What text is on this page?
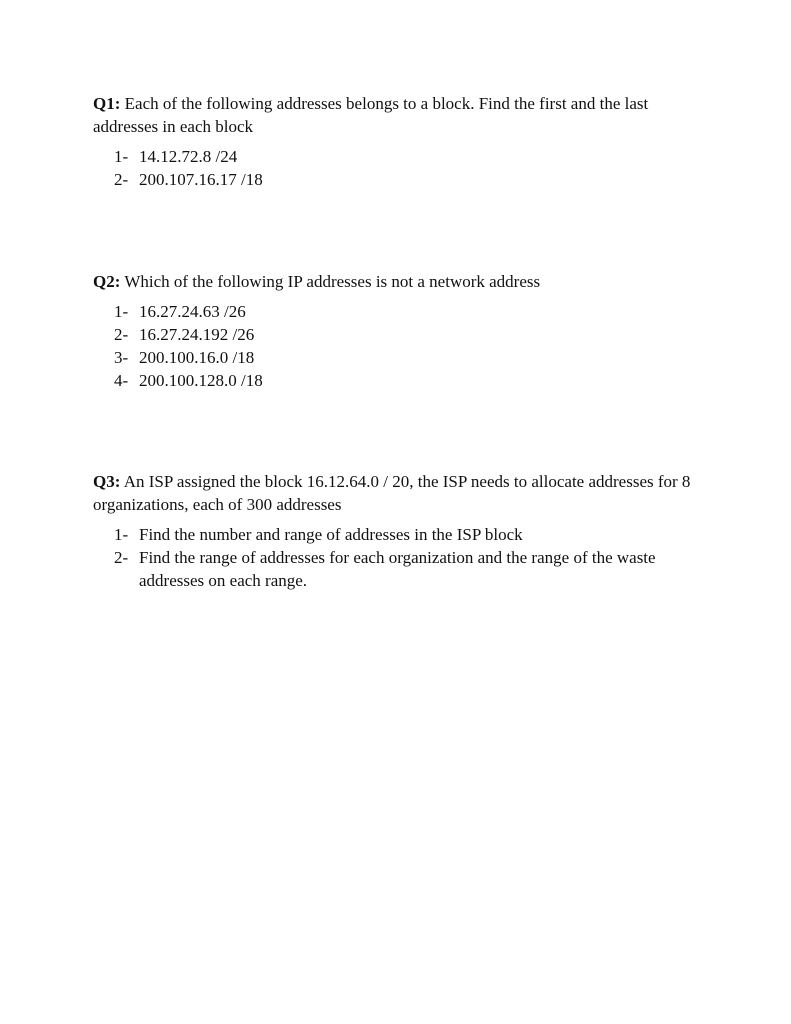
Q1: Each of the following addresses belongs to a block. Find the first and the last addresses in each block

1- 14.12.72.8 /24
2- 200.107.16.17 /18

Q2: Which of the following IP addresses is not a network address

1- 16.27.24.63 /26
2- 16.27.24.192 /26
3- 200.100.16.0 /18
4- 200.100.128.0 /18

Q3: An ISP assigned the block 16.12.64.0 / 20, the ISP needs to allocate addresses for 8 organizations, each of 300 addresses

1- Find the number and range of addresses in the ISP block
2- Find the range of addresses for each organization and the range of the waste addresses on each range.
